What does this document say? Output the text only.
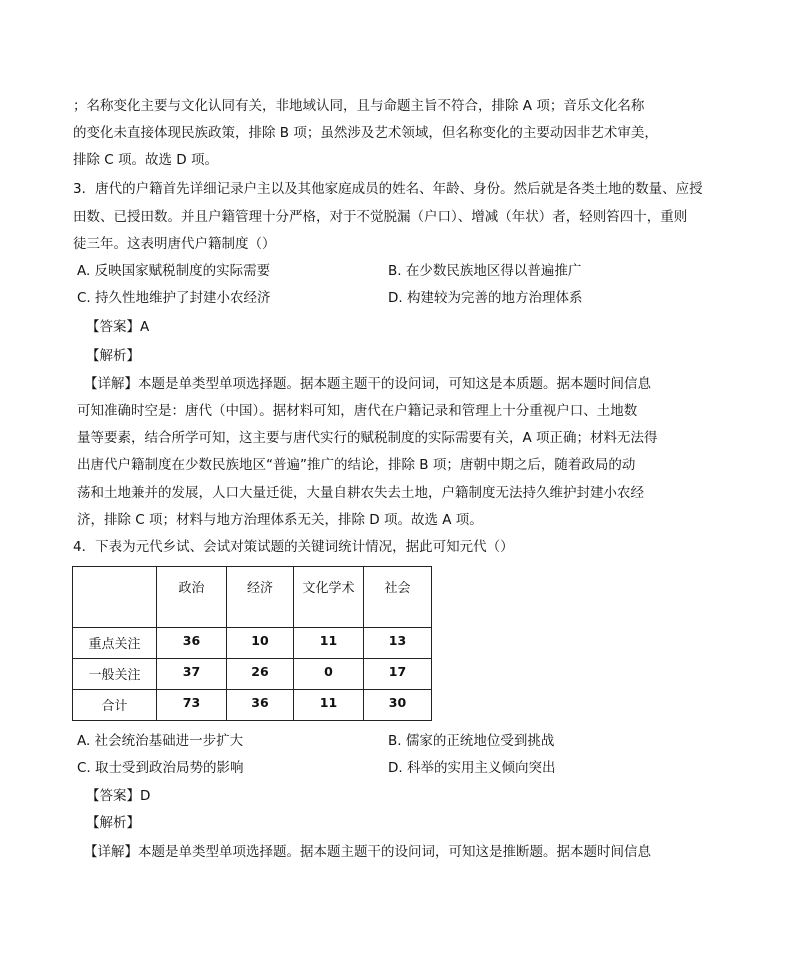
；名称变化主要与文化认同有关，非地域认同，且与命题主旨不符合，排除 A 项；音乐文化名称
的变化未直接体现民族政策，排除 B 项；虽然涉及艺术领域，但名称变化的主要动因非艺术审美，
排除 C 项。故选 D 项。
3．唐代的户籍首先详细记录户主以及其他家庭成员的姓名、年龄、身份。然后就是各类土地的数量、应授
田数、已授田数。并且户籍管理十分严格，对于不觉脱漏（户口）、增减（年状）者，轻则笞四十，重则
徒三年。这表明唐代户籍制度（）
A. 反映国家赋税制度的实际需要	B. 在少数民族地区得以普遍推广
C. 持久性地维护了封建小农经济	D. 构建较为完善的地方治理体系
【答案】A
【解析】
【详解】本题是单类型单项选择题。据本题主题干的设问词，可知这是本质题。据本题时间信息
可知准确时空是：唐代（中国）。据材料可知，唐代在户籍记录和管理上十分重视户口、土地数
量等要素，结合所学可知，这主要与唐代实行的赋税制度的实际需要有关，A 项正确；材料无法得
出唐代户籍制度在少数民族地区“普遍”推广的结论，排除 B 项；唐朝中期之后，随着政局的动
荡和土地兼并的发展，人口大量迁徙，大量自耕农失去土地，户籍制度无法持久维护封建小农经
济，排除 C 项；材料与地方治理体系无关，排除 D 项。故选 A 项。
4．下表为元代乡试、会试对策试题的关键词统计情况，据此可知元代（）
	政治	经济	文化学术	社会
重点关注	36	10	11	13
一般关注	37	26	0	17
合计	73	36	11	30
A. 社会统治基础进一步扩大	B. 儒家的正统地位受到挑战
C. 取士受到政治局势的影响	D. 科举的实用主义倾向突出
【答案】D
【解析】
【详解】本题是单类型单项选择题。据本题主题干的设问词，可知这是推断题。据本题时间信息
